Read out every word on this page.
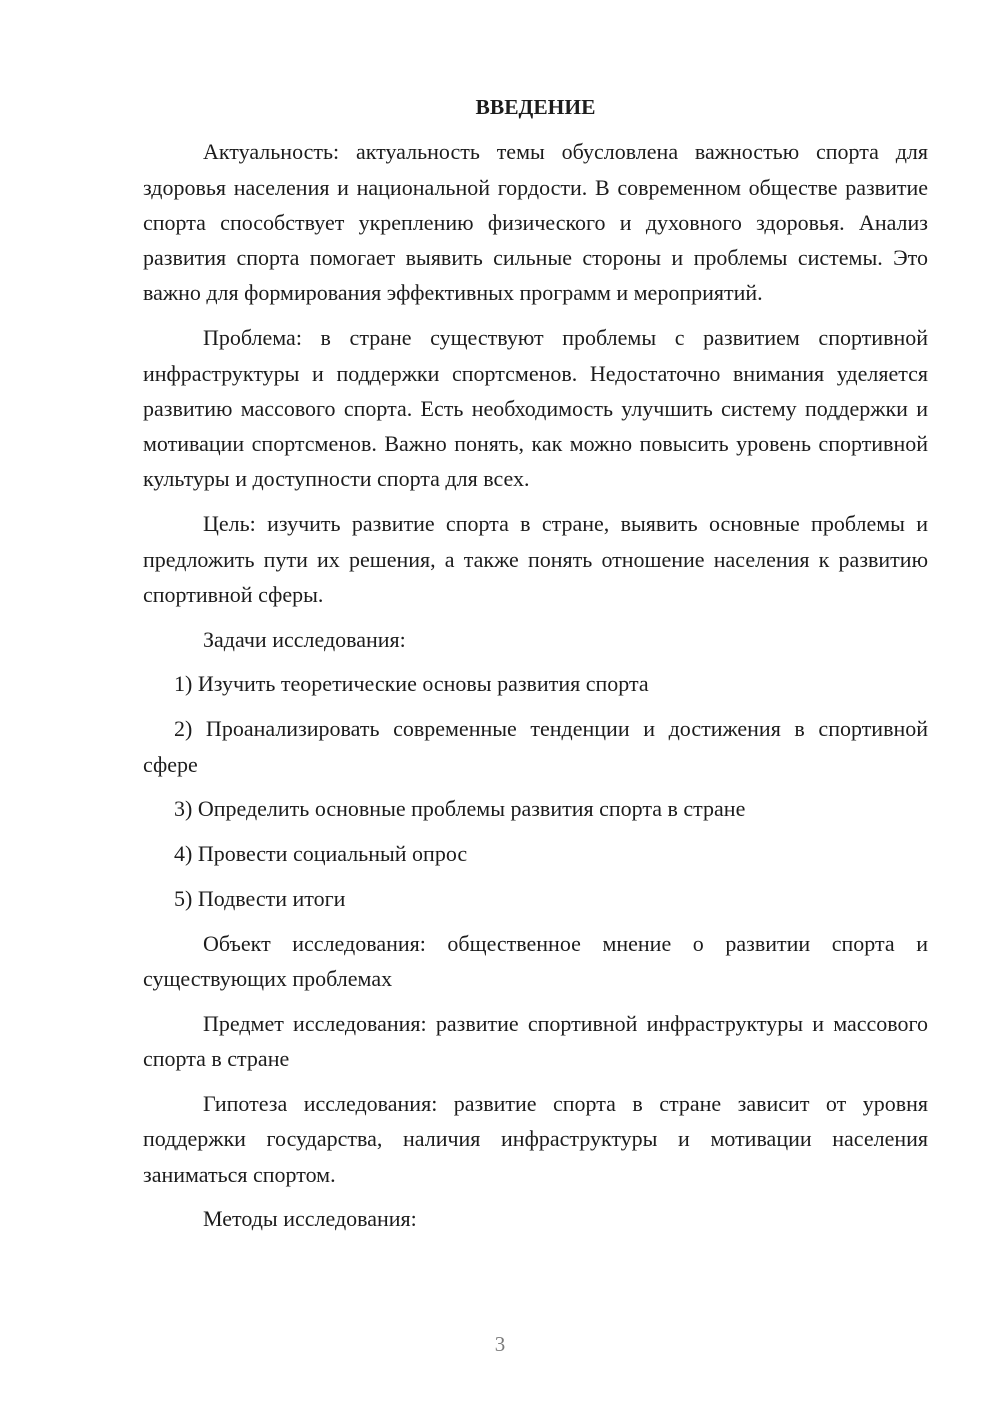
ВВЕДЕНИЕ

Актуальность: актуальность темы обусловлена важностью спорта для здоровья населения и национальной гордости. В современном обществе развитие спорта способствует укреплению физического и духовного здоровья. Анализ развития спорта помогает выявить сильные стороны и проблемы системы. Это важно для формирования эффективных программ и мероприятий.

Проблема: в стране существуют проблемы с развитием спортивной инфраструктуры и поддержки спортсменов. Недостаточно внимания уделяется развитию массового спорта. Есть необходимость улучшить систему поддержки и мотивации спортсменов. Важно понять, как можно повысить уровень спортивной культуры и доступности спорта для всех.

Цель: изучить развитие спорта в стране, выявить основные проблемы и предложить пути их решения, а также понять отношение населения к развитию спортивной сферы.

Задачи исследования:

1) Изучить теоретические основы развития спорта

2) Проанализировать современные тенденции и достижения в спортивной сфере

3) Определить основные проблемы развития спорта в стране

4) Провести социальный опрос

5) Подвести итоги

Объект исследования: общественное мнение о развитии спорта и существующих проблемах

Предмет исследования: развитие спортивной инфраструктуры и массового спорта в стране

Гипотеза исследования: развитие спорта в стране зависит от уровня поддержки государства, наличия инфраструктуры и мотивации населения заниматься спортом.

Методы исследования:

3
